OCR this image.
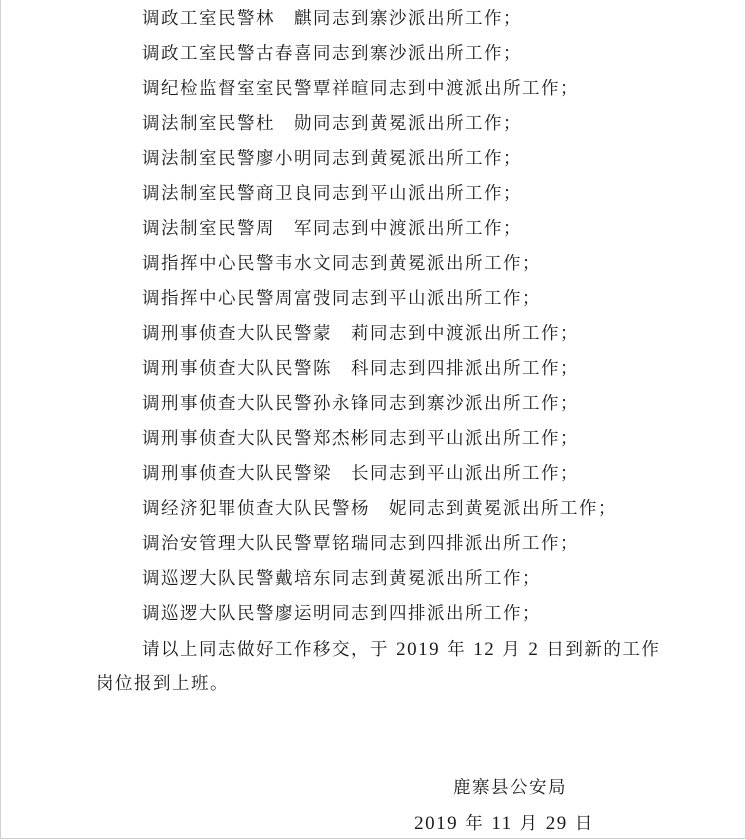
调政工室民警林　麒同志到寨沙派出所工作；
调政工室民警古春喜同志到寨沙派出所工作；
调纪检监督室室民警覃祥暄同志到中渡派出所工作；
调法制室民警杜　勋同志到黄冕派出所工作；
调法制室民警廖小明同志到黄冕派出所工作；
调法制室民警商卫良同志到平山派出所工作；
调法制室民警周　军同志到中渡派出所工作；
调指挥中心民警韦水文同志到黄冕派出所工作；
调指挥中心民警周富弢同志到平山派出所工作；
调刑事侦查大队民警蒙　莉同志到中渡派出所工作；
调刑事侦查大队民警陈　科同志到四排派出所工作；
调刑事侦查大队民警孙永锋同志到寨沙派出所工作；
调刑事侦查大队民警郑杰彬同志到平山派出所工作；
调刑事侦查大队民警梁　长同志到平山派出所工作；
调经济犯罪侦查大队民警杨　妮同志到黄冕派出所工作；
调治安管理大队民警覃铭瑞同志到四排派出所工作；
调巡逻大队民警戴培东同志到黄冕派出所工作；
调巡逻大队民警廖运明同志到四排派出所工作；
请以上同志做好工作移交，于 2019 年 12 月 2 日到新的工作
岗位报到上班。
鹿寨县公安局
2019 年 11 月 29 日
